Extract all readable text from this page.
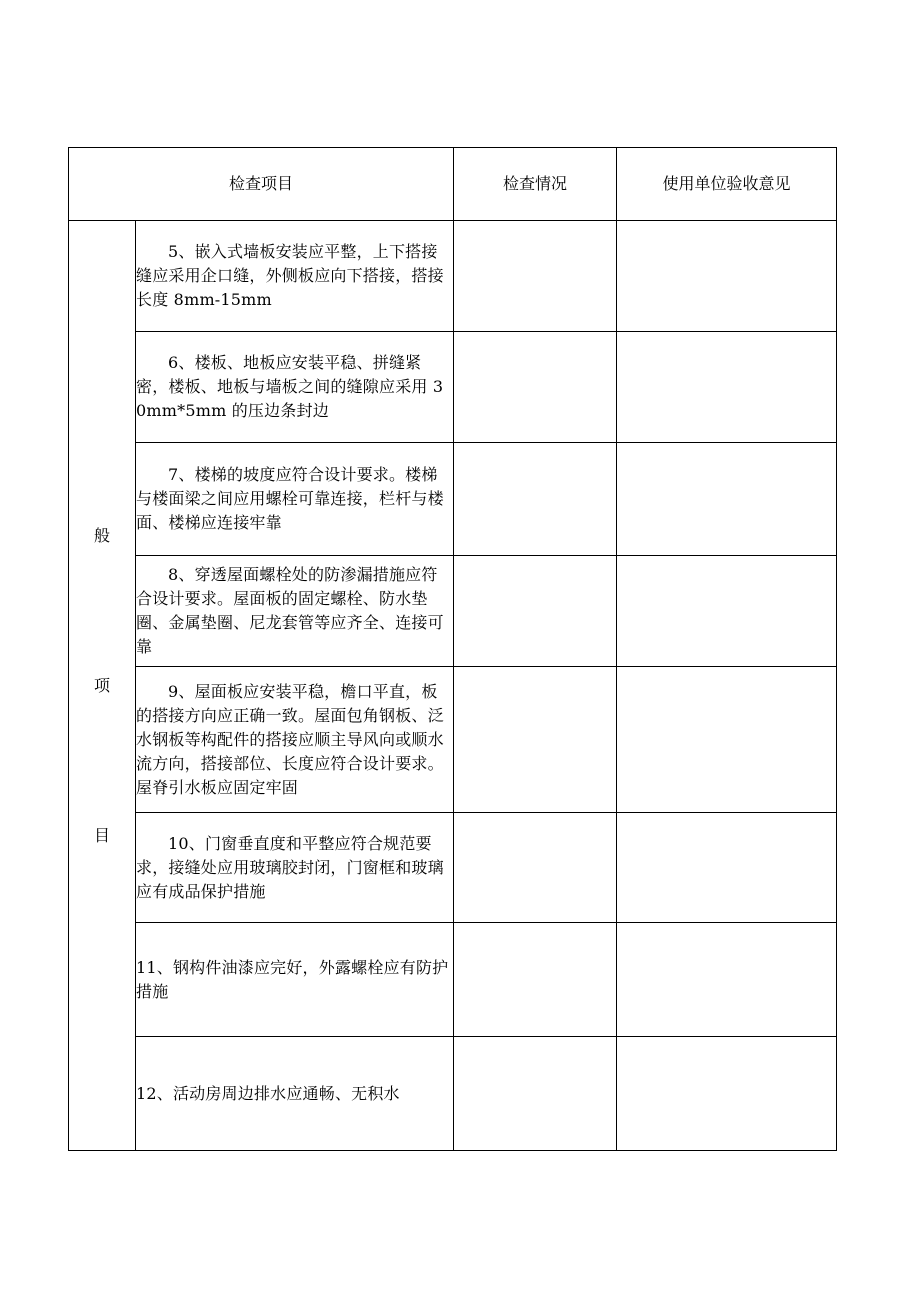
检查项目		检查情况	使用单位验收意见

般
项
目	5、嵌入式墙板安装应平整，上下搭接缝应采用企口缝，外侧板应向下搭接，搭接长度 8mm-15mm		

	6、楼板、地板应安装平稳、拼缝紧密，楼板、地板与墙板之间的缝隙应采用 30mm*5mm 的压边条封边		

	7、楼梯的坡度应符合设计要求。楼梯与楼面梁之间应用螺栓可靠连接，栏杆与楼面、楼梯应连接牢靠		

	8、穿透屋面螺栓处的防渗漏措施应符合设计要求。屋面板的固定螺栓、防水垫圈、金属垫圈、尼龙套管等应齐全、连接可靠		

	9、屋面板应安装平稳，檐口平直，板的搭接方向应正确一致。屋面包角钢板、泛水钢板等构配件的搭接应顺主导风向或顺水流方向，搭接部位、长度应符合设计要求。屋脊引水板应固定牢固		

	10、门窗垂直度和平整应符合规范要求，接缝处应用玻璃胶封闭，门窗框和玻璃应有成品保护措施		

	11、钢构件油漆应完好，外露螺栓应有防护措施		

	12、活动房周边排水应通畅、无积水		
